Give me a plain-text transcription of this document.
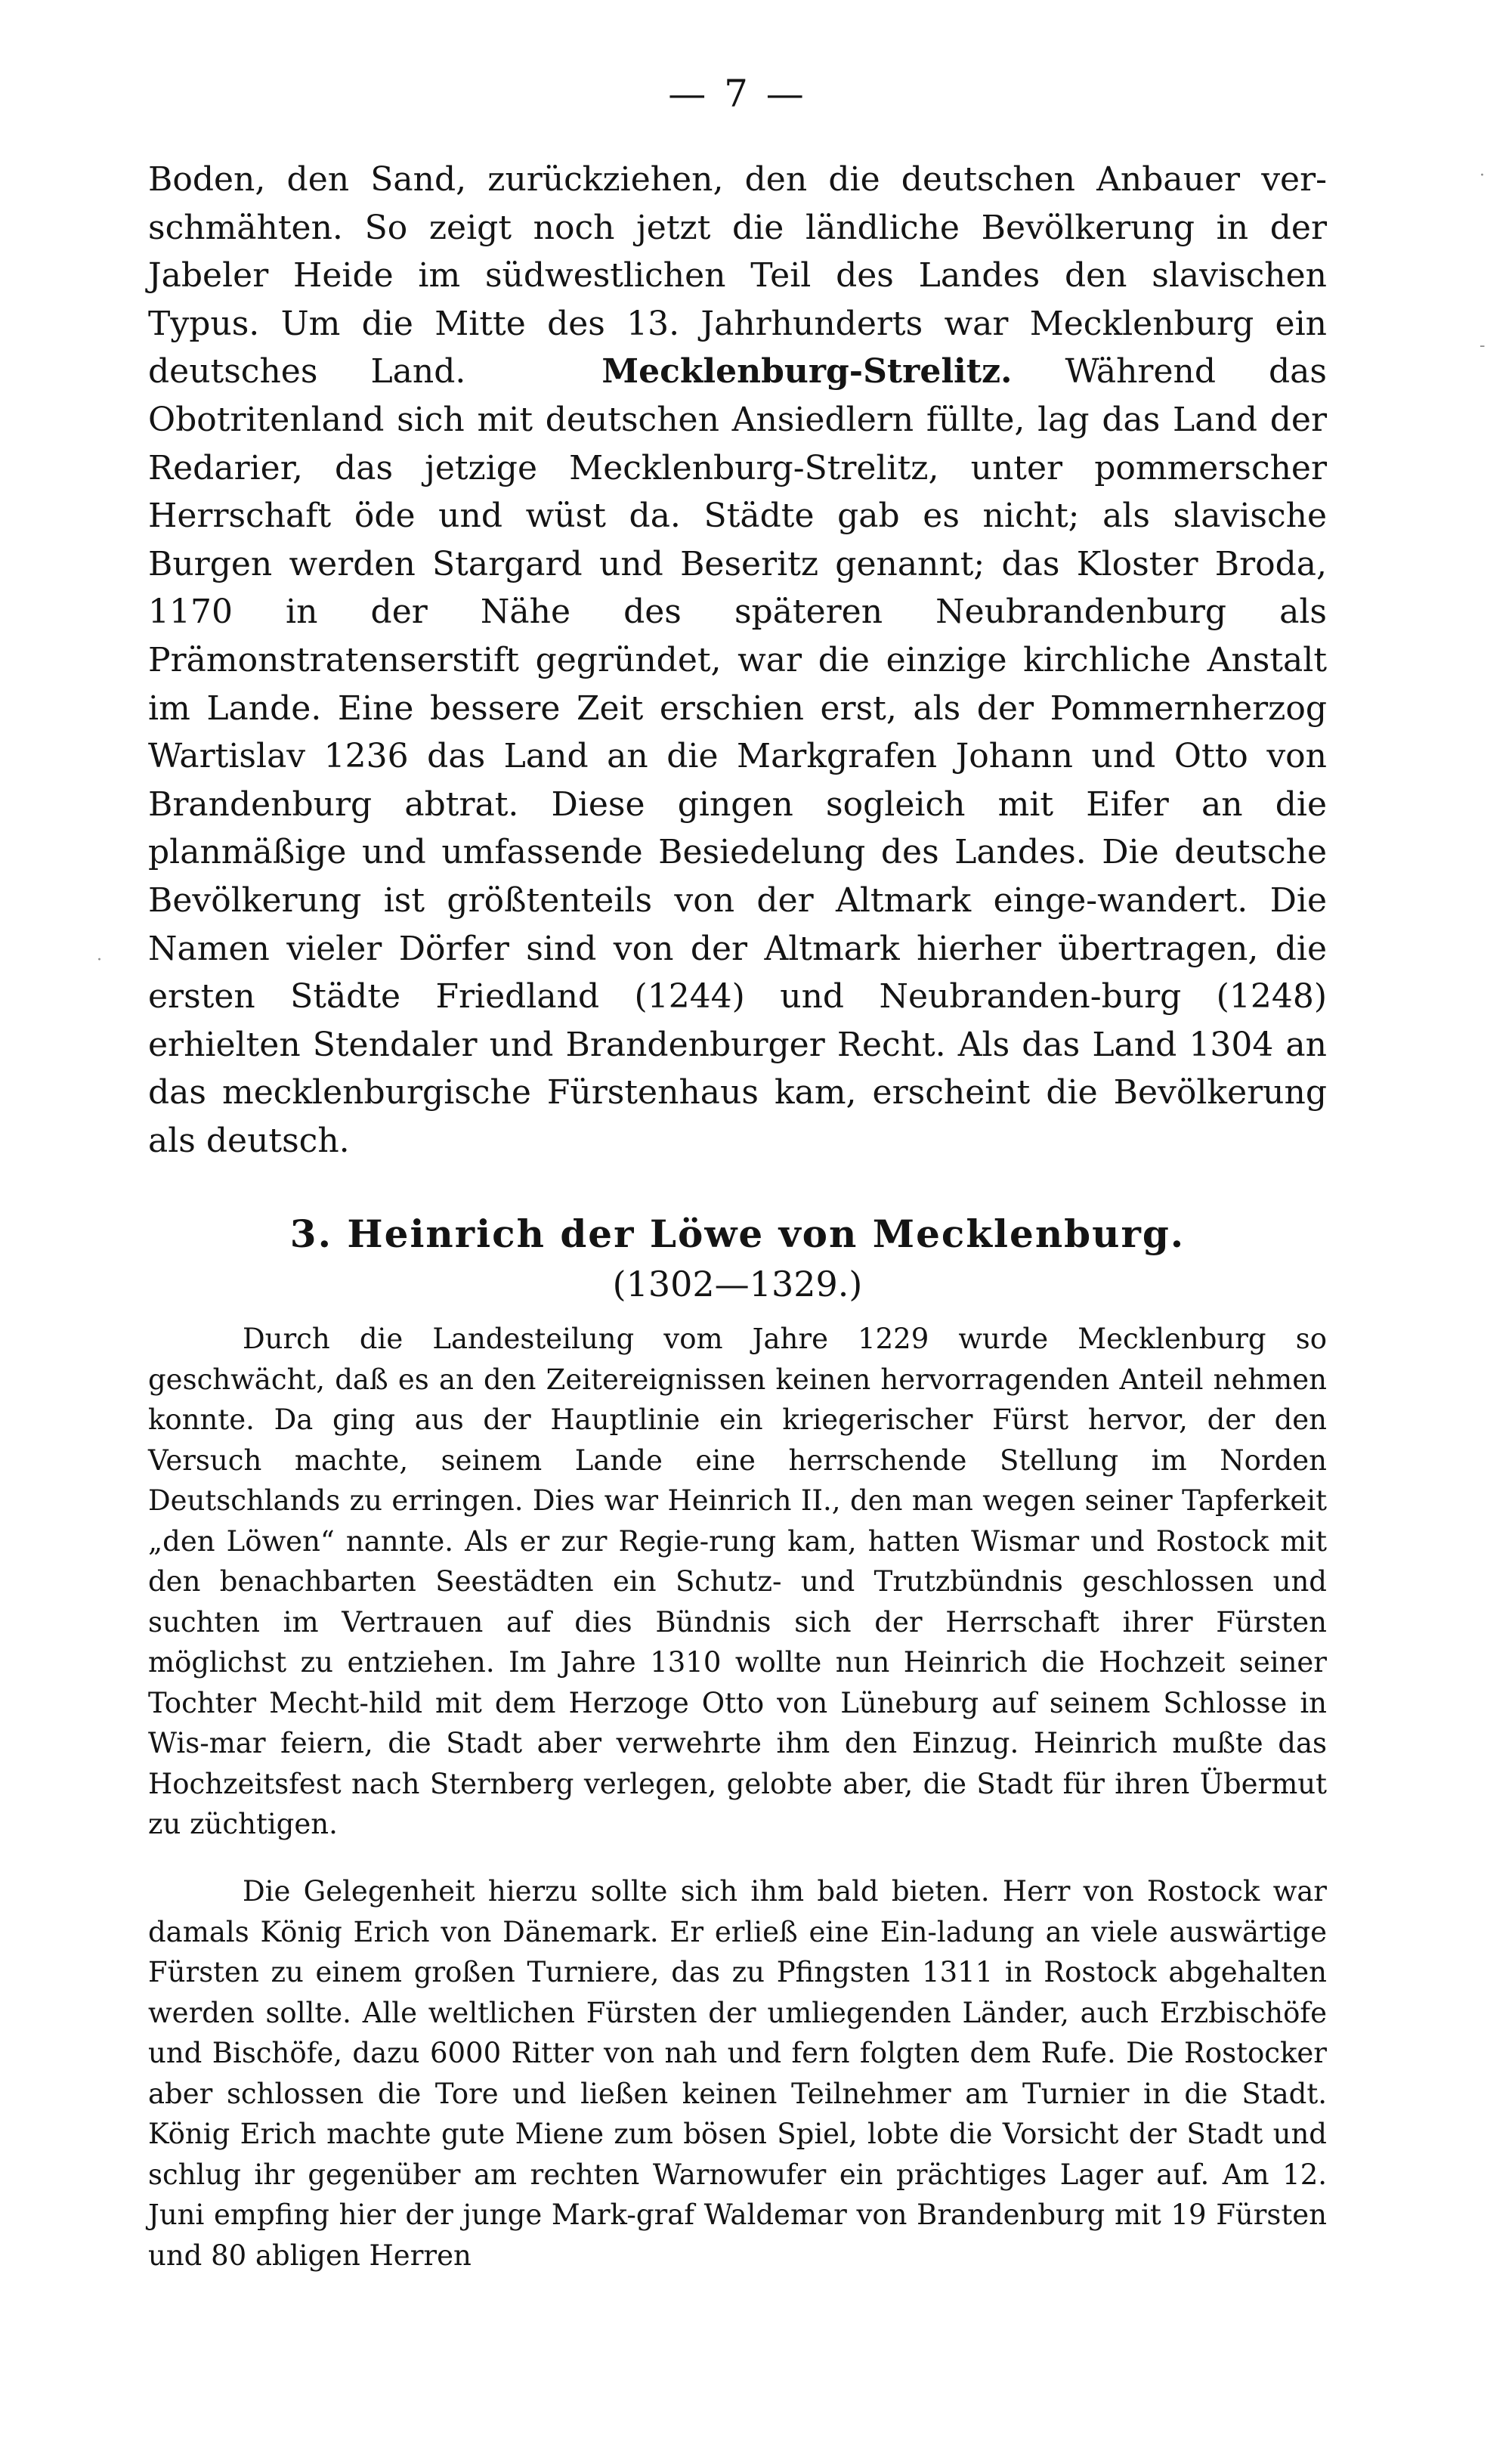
— 7 —
Boden, den Sand, zurückziehen, den die deutschen Anbauer ver-schmähten. So zeigt noch jetzt die ländliche Bevölkerung in der Jabeler Heide im südwestlichen Teil des Landes den slavischen Typus. Um die Mitte des 13. Jahrhunderts war Mecklenburg ein deutsches Land.	Mecklenburg-Strelitz. Während das Obotritenland sich mit deutschen Ansiedlern füllte, lag das Land der Redarier, das jetzige Mecklenburg-Strelitz, unter pommerscher Herrschaft öde und wüst da. Städte gab es nicht; als slavische Burgen werden Stargard und Beseritz genannt; das Kloster Broda, 1170 in der Nähe des späteren Neubrandenburg als Prämonstratenserstift gegründet, war die einzige kirchliche Anstalt im Lande. Eine bessere Zeit erschien erst, als der Pommernherzog Wartislav 1236 das Land an die Markgrafen Johann und Otto von Brandenburg abtrat. Diese gingen sogleich mit Eifer an die planmäßige und umfassende Besiedelung des Landes. Die deutsche Bevölkerung ist größtenteils von der Altmark einge-wandert. Die Namen vieler Dörfer sind von der Altmark hierher übertragen, die ersten Städte Friedland (1244) und Neubranden-burg (1248) erhielten Stendaler und Brandenburger Recht. Als das Land 1304 an das mecklenburgische Fürstenhaus kam, erscheint die Bevölkerung als deutsch.
3. Heinrich der Löwe von Mecklenburg.
(1302—1329.)
Durch die Landesteilung vom Jahre 1229 wurde Mecklenburg so geschwächt, daß es an den Zeitereignissen keinen hervorragenden Anteil nehmen konnte. Da ging aus der Hauptlinie ein kriegerischer Fürst hervor, der den Versuch machte, seinem Lande eine herrschende Stellung im Norden Deutschlands zu erringen. Dies war Heinrich II., den man wegen seiner Tapferkeit „den Löwen“ nannte. Als er zur Regie-rung kam, hatten Wismar und Rostock mit den benachbarten Seestädten ein Schutz- und Trutzbündnis geschlossen und suchten im Vertrauen auf dies Bündnis sich der Herrschaft ihrer Fürsten möglichst zu entziehen. Im Jahre 1310 wollte nun Heinrich die Hochzeit seiner Tochter Mecht-hild mit dem Herzoge Otto von Lüneburg auf seinem Schlosse in Wis-mar feiern, die Stadt aber verwehrte ihm den Einzug. Heinrich mußte das Hochzeitsfest nach Sternberg verlegen, gelobte aber, die Stadt für ihren Übermut zu züchtigen.
Die Gelegenheit hierzu sollte sich ihm bald bieten. Herr von Rostock war damals König Erich von Dänemark. Er erließ eine Ein-ladung an viele auswärtige Fürsten zu einem großen Turniere, das zu Pfingsten 1311 in Rostock abgehalten werden sollte. Alle weltlichen Fürsten der umliegenden Länder, auch Erzbischöfe und Bischöfe, dazu 6000 Ritter von nah und fern folgten dem Rufe. Die Rostocker aber schlossen die Tore und ließen keinen Teilnehmer am Turnier in die Stadt. König Erich machte gute Miene zum bösen Spiel, lobte die Vorsicht der Stadt und schlug ihr gegenüber am rechten Warnowufer ein prächtiges Lager auf. Am 12. Juni empfing hier der junge Mark-graf Waldemar von Brandenburg mit 19 Fürsten und 80 abligen Herren
·
-
·
